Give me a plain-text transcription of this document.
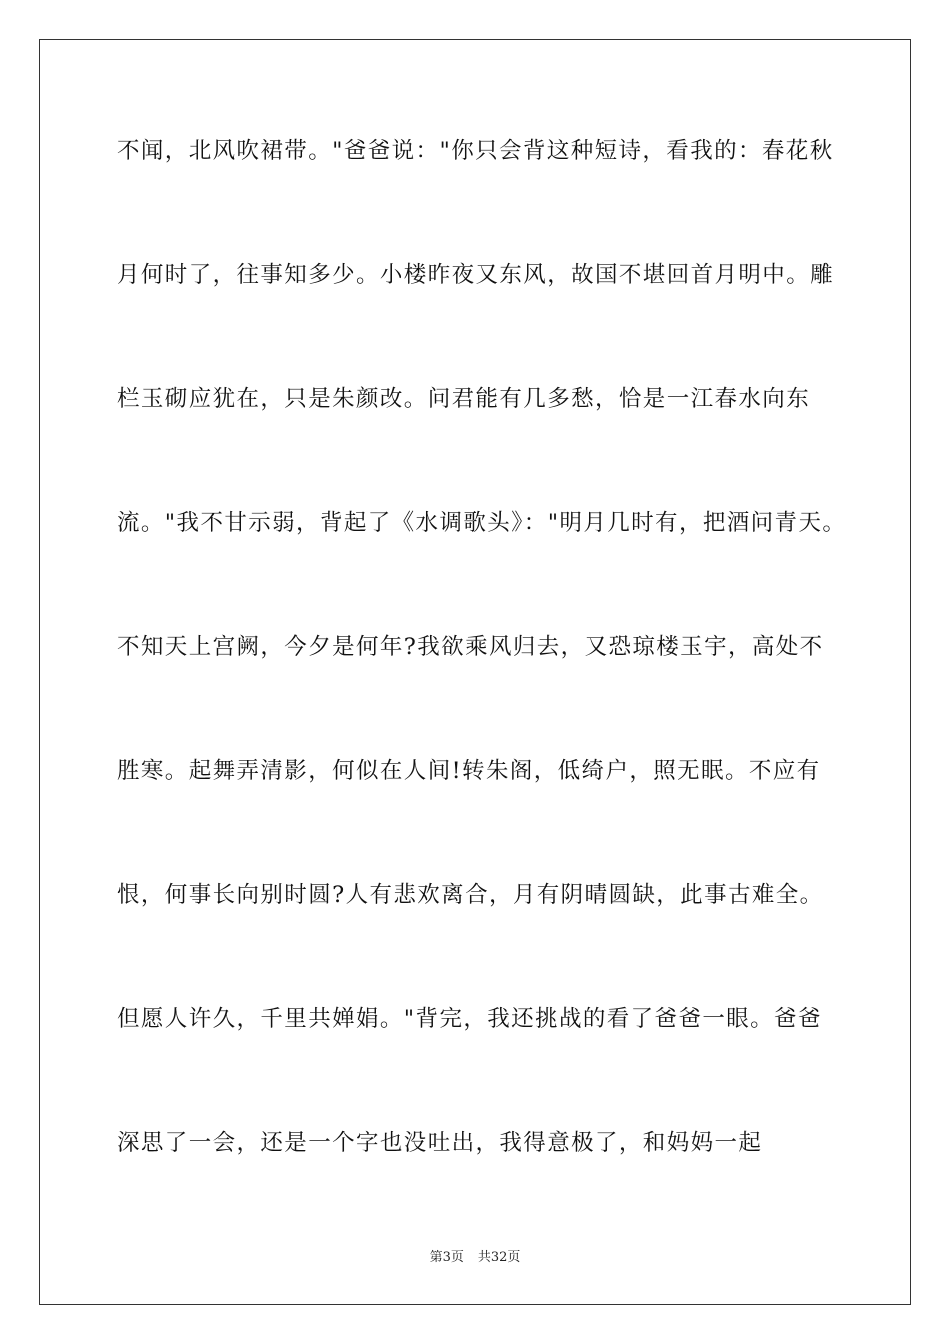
不闻，北风吹裙带。"爸爸说："你只会背这种短诗，看我的：春花秋
月何时了，往事知多少。小楼昨夜又东风，故国不堪回首月明中。雕
栏玉砌应犹在，只是朱颜改。问君能有几多愁，恰是一江春水向东
流。"我不甘示弱，背起了《水调歌头》："明月几时有，把酒问青天。
不知天上宫阙，今夕是何年?我欲乘风归去，又恐琼楼玉宇，高处不
胜寒。起舞弄清影，何似在人间!转朱阁，低绮户，照无眠。不应有
恨，何事长向别时圆?人有悲欢离合，月有阴晴圆缺，此事古难全。
但愿人许久，千里共婵娟。"背完，我还挑战的看了爸爸一眼。爸爸
深思了一会，还是一个字也没吐出，我得意极了，和妈妈一起
第3页 共32页
